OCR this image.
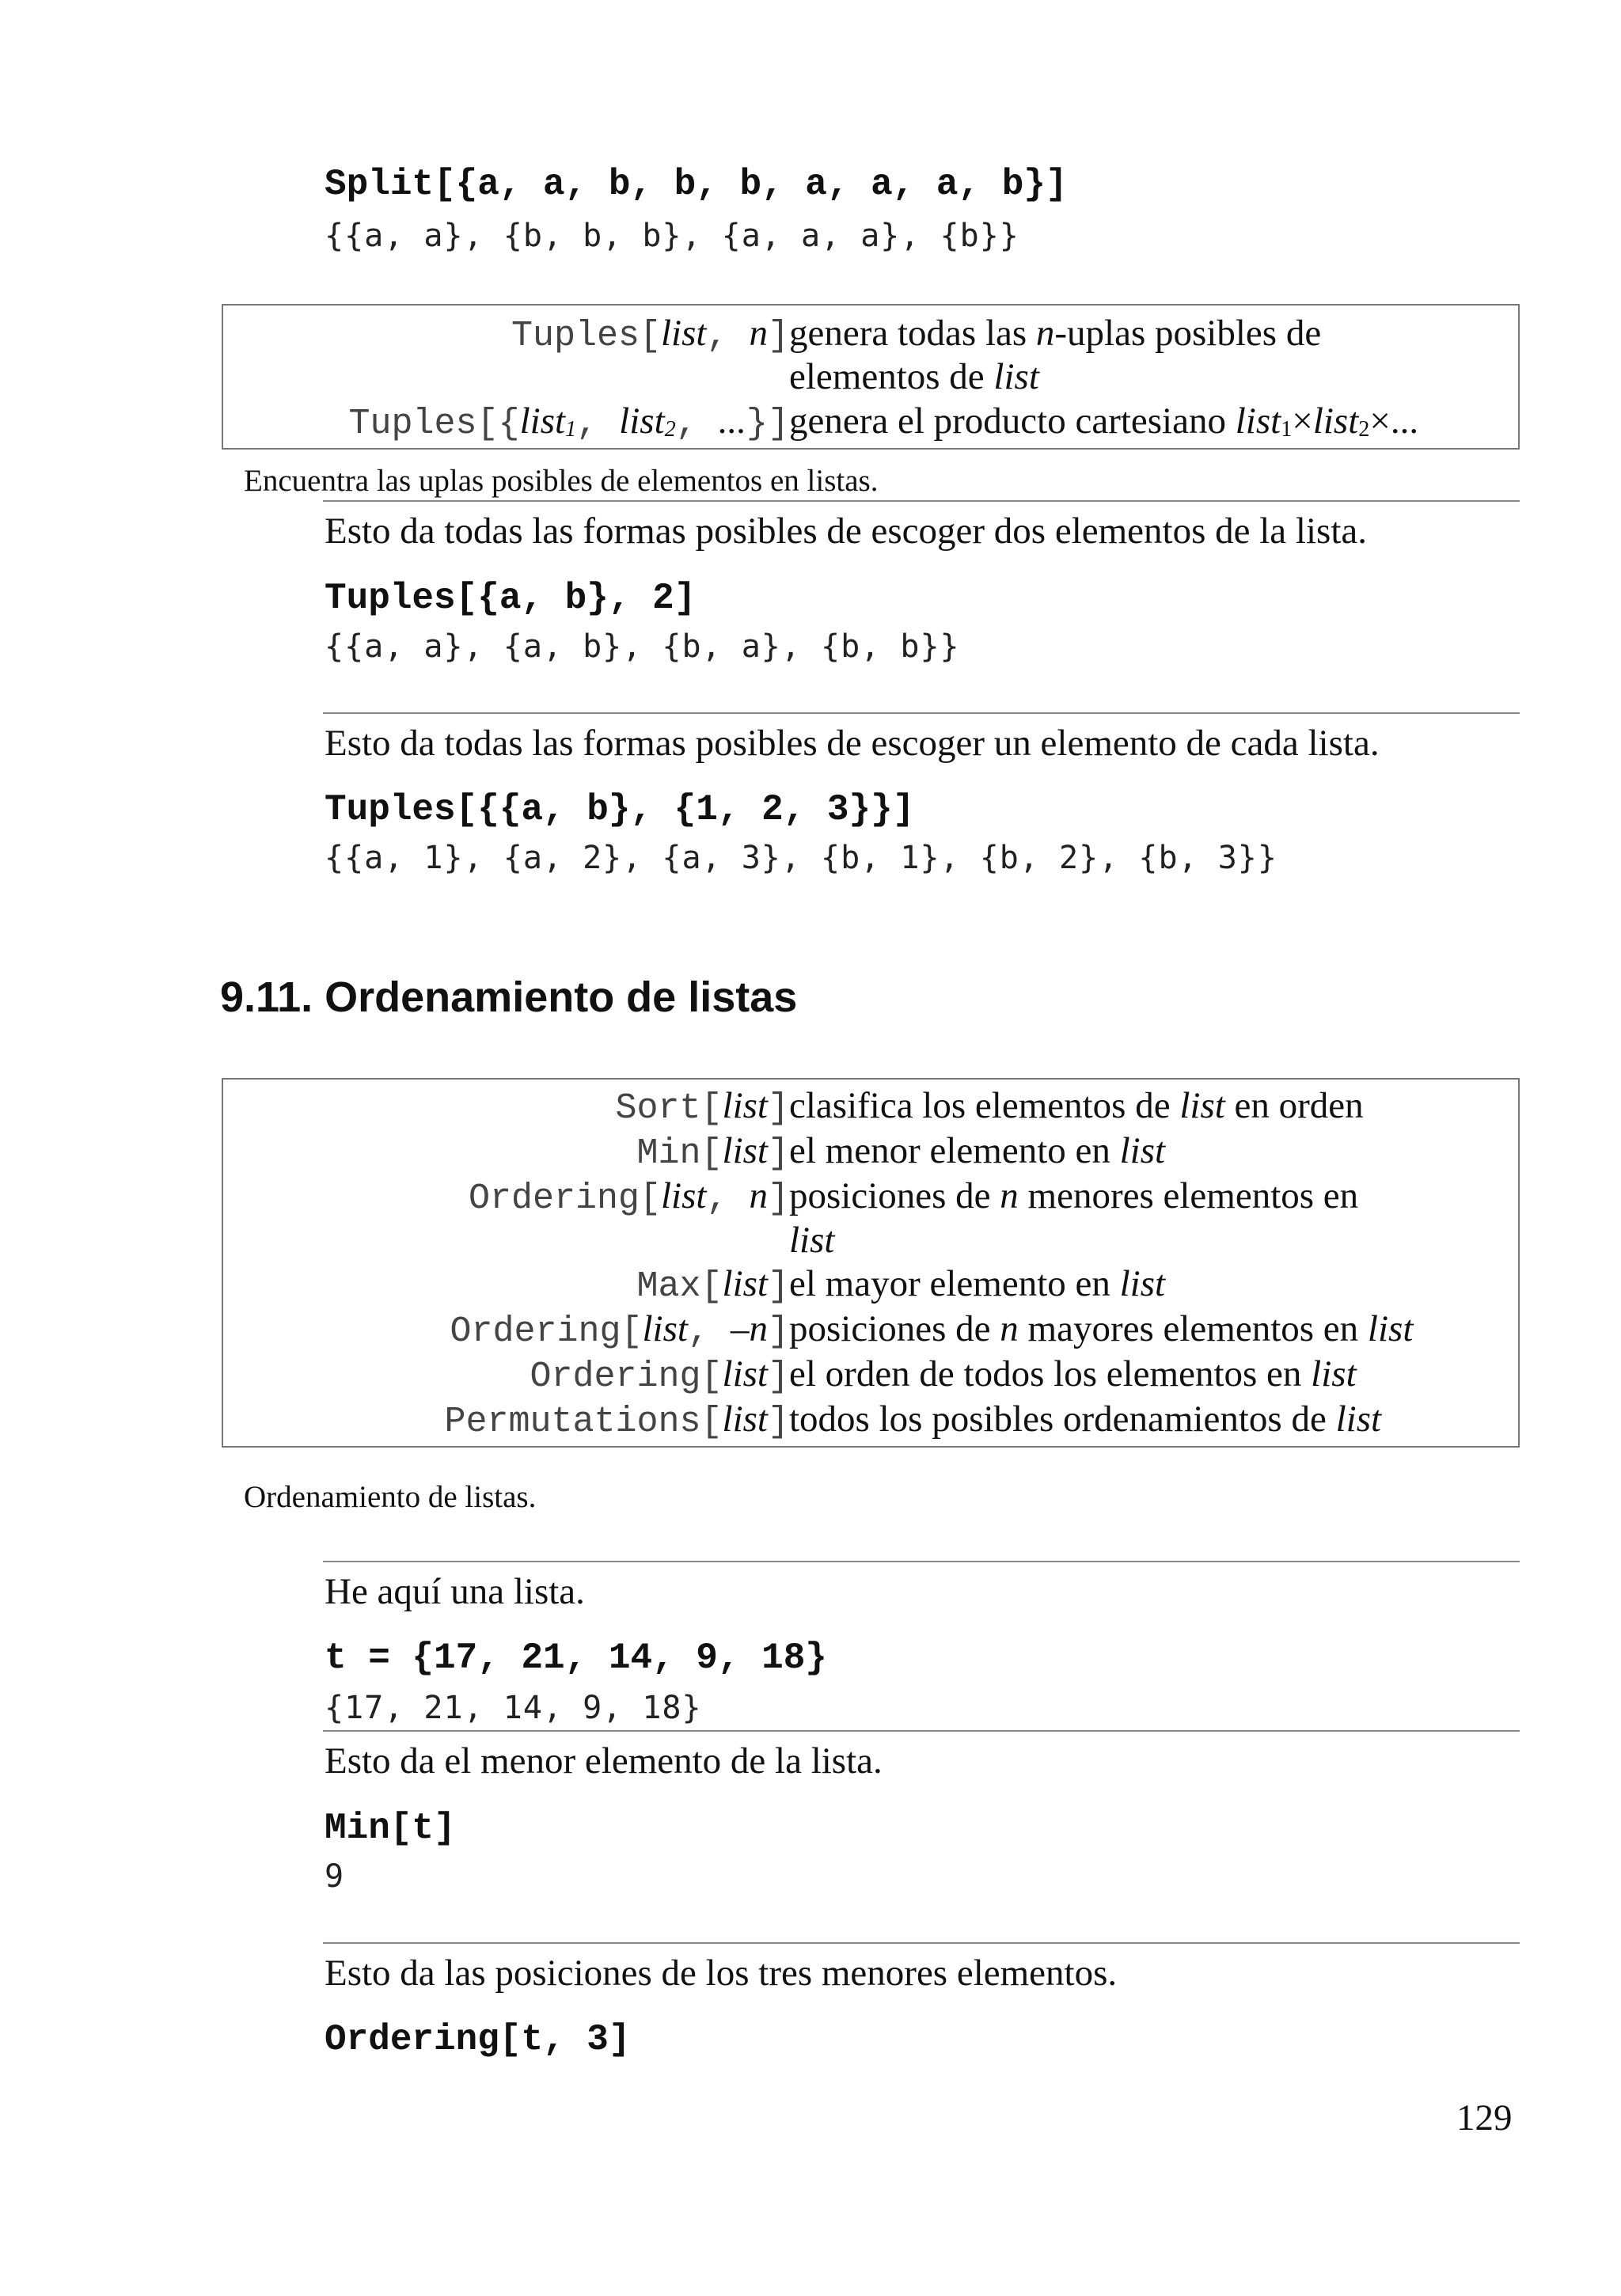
Split[{a, a, b, b, b, a, a, a, b}]
{{a, a}, {b, b, b}, {a, a, a}, {b}}
Tuples[list, n]	genera todas las n-uplas posibles de
elementos de list
Tuples[{list$_1$, list$_2$, ...}]	genera el producto cartesiano list$_1$×list$_2$×...
Encuentra las uplas posibles de elementos en listas.
Esto da todas las formas posibles de escoger dos elementos de la lista.
Tuples[{a, b}, 2]
{{a, a}, {a, b}, {b, a}, {b, b}}
Esto da todas las formas posibles de escoger un elemento de cada lista.
Tuples[{{a, b}, {1, 2, 3}}]
{{a, 1}, {a, 2}, {a, 3}, {b, 1}, {b, 2}, {b, 3}}
9.11. Ordenamiento de listas
Sort[list]	clasifica los elementos de list en orden
Min[list]	el menor elemento en list
Ordering[list, n]	posiciones de n menores elementos en
list
Max[list]	el mayor elemento en list
Ordering[list, –n]	posiciones de n mayores elementos en list
Ordering[list]	el orden de todos los elementos en list
Permutations[list]	todos los posibles ordenamientos de list
Ordenamiento de listas.
He aquí una lista.
t = {17, 21, 14, 9, 18}
{17, 21, 14, 9, 18}
Esto da el menor elemento de la lista.
Min[t]
9
Esto da las posiciones de los tres menores elementos.
Ordering[t, 3]
129
